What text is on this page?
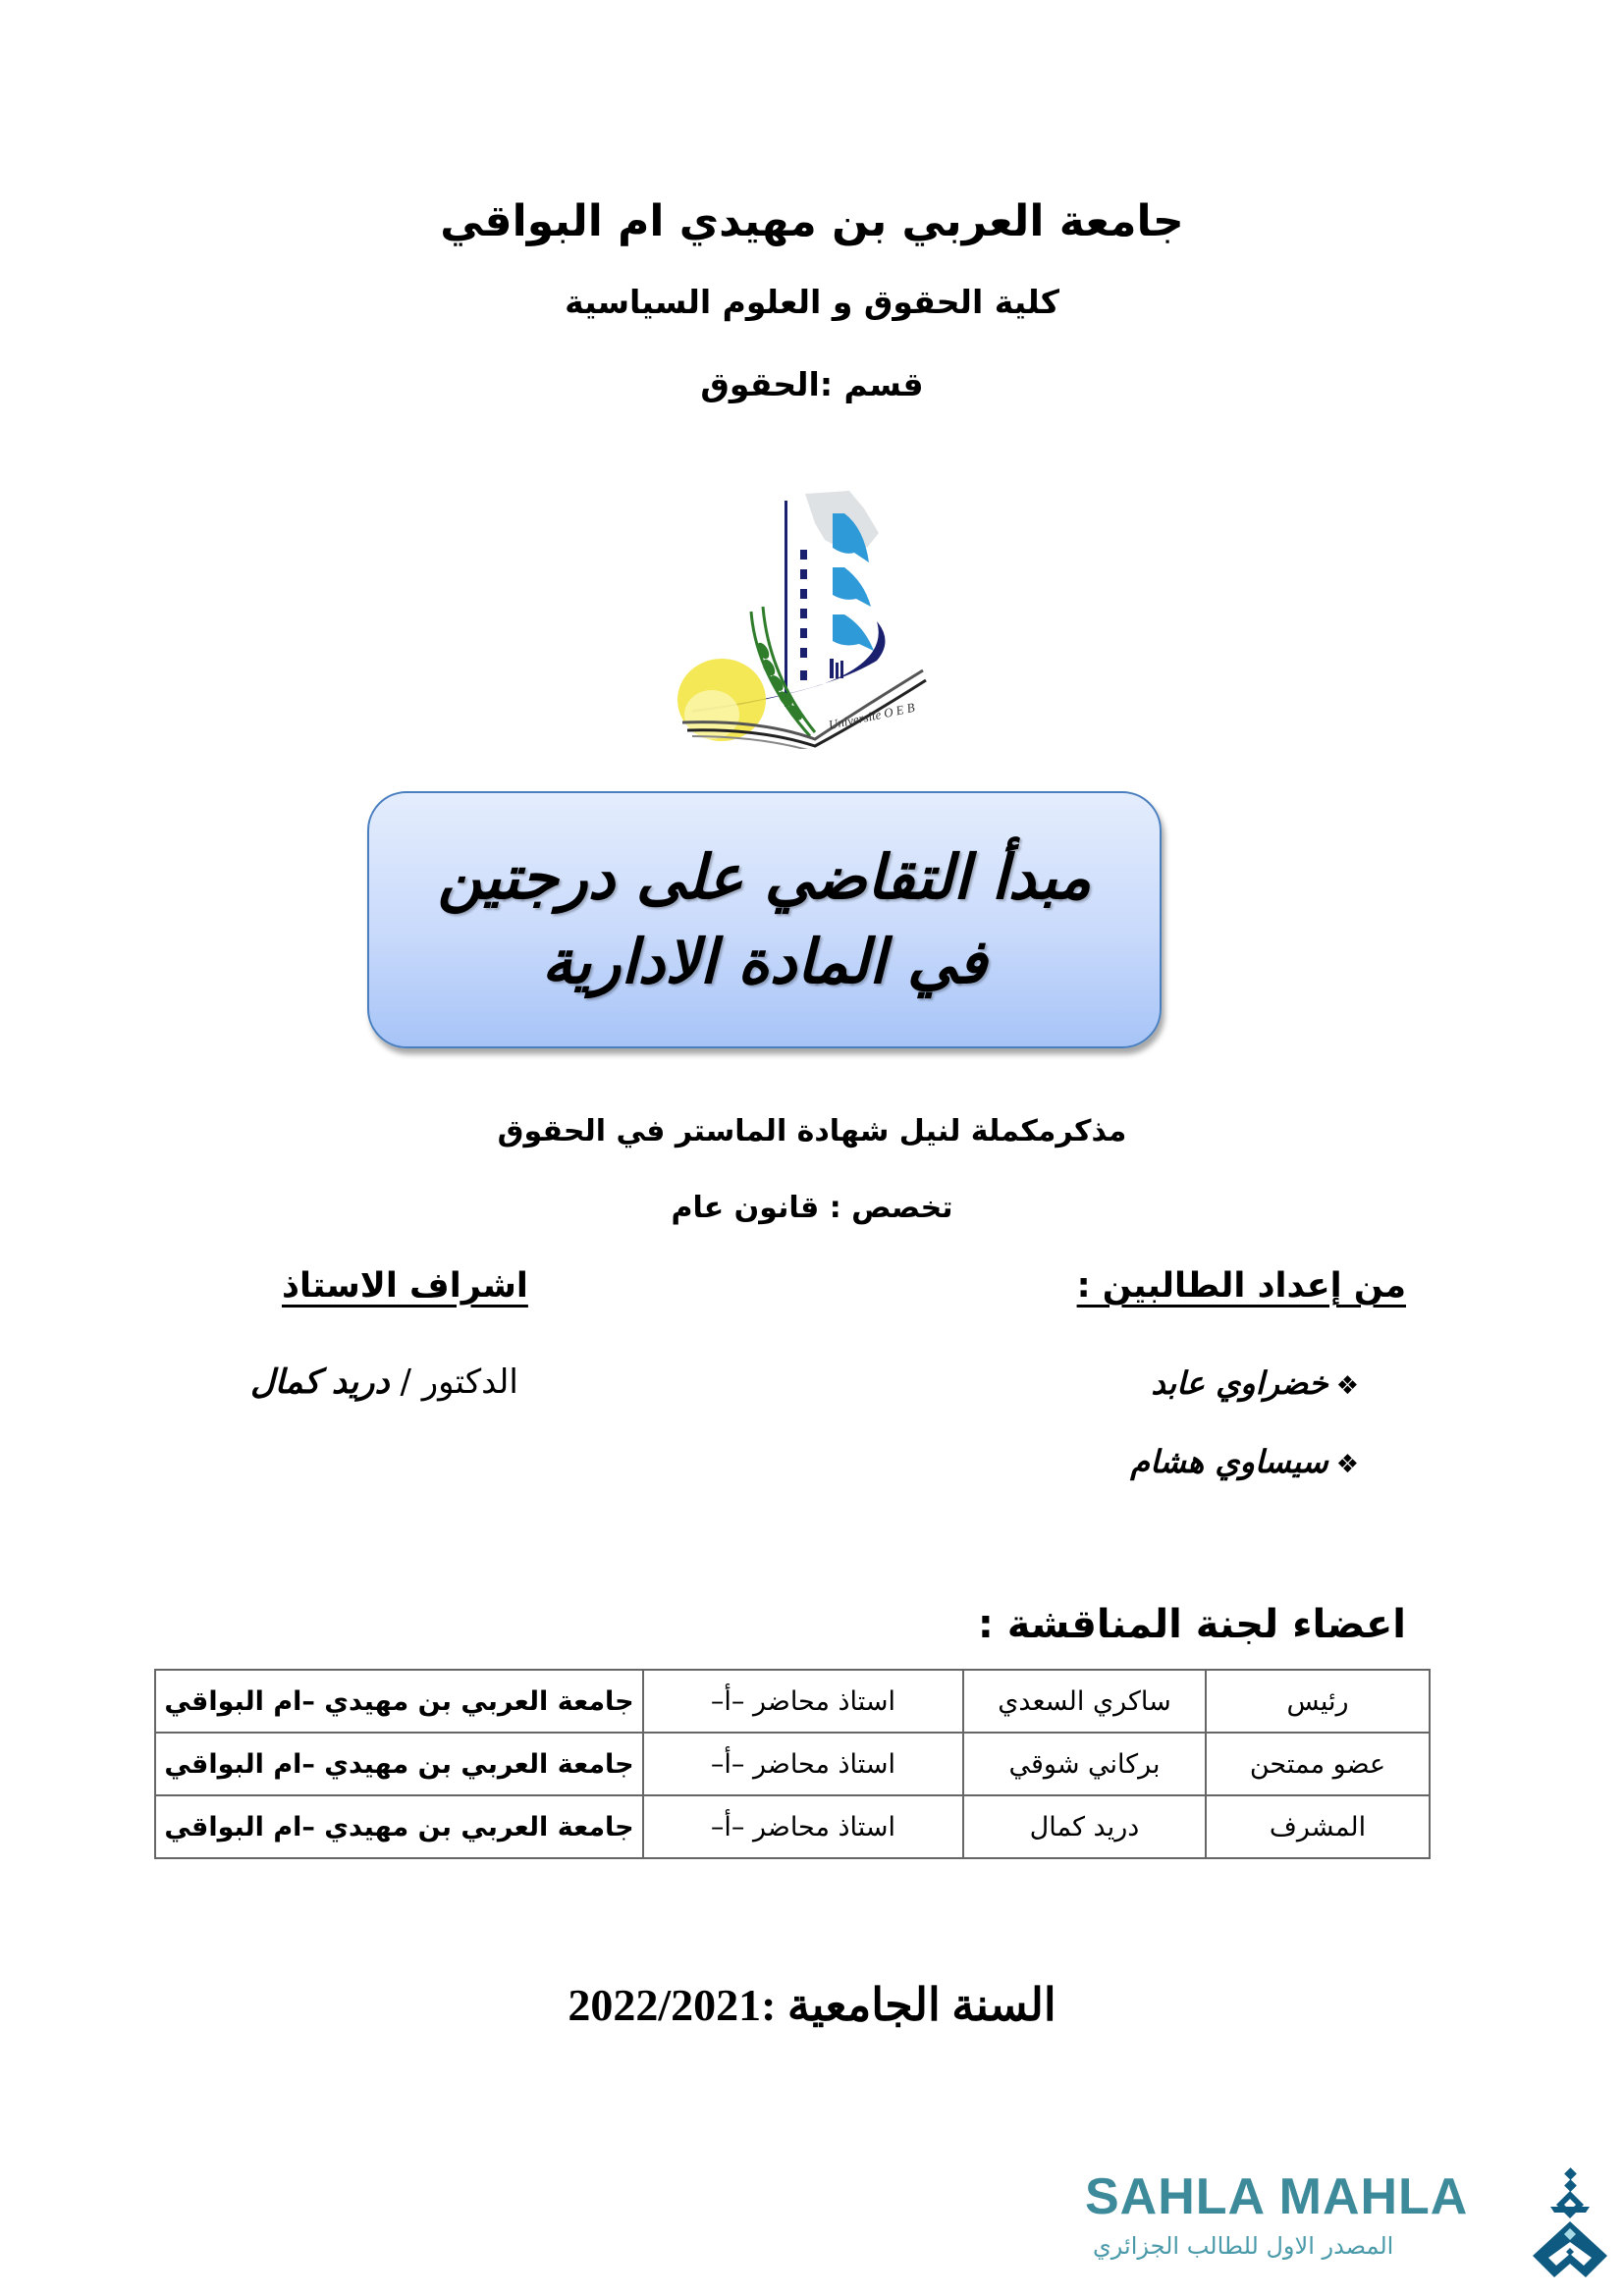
جامعة العربي بن مهيدي ام البواقي
كلية الحقوق و العلوم السياسية
قسم :الحقوق
Université O E B
مبدأ التقاضي على درجتين
في المادة الادارية
مذكرمكملة لنيل شهادة الماستر في الحقوق
تخصص : قانون عام
من إعداد الطالبين :
❖خضراوي عابد
❖سيساوي هشام
اشراف الاستاذ
الدكتور / دريد كمال
اعضاء لجنة المناقشة :
رئيس	ساكري السعدي	استاذ محاضر –أ–	جامعة العربي بن مهيدي –ام البواقي
عضو ممتحن	بركاني شوقي	استاذ محاضر –أ–	جامعة العربي بن مهيدي –ام البواقي
المشرف	دريد كمال	استاذ محاضر –أ–	جامعة العربي بن مهيدي –ام البواقي
السنة الجامعية :2022/2021
SAHLA MAHLA
المصدر الاول للطالب الجزائري
